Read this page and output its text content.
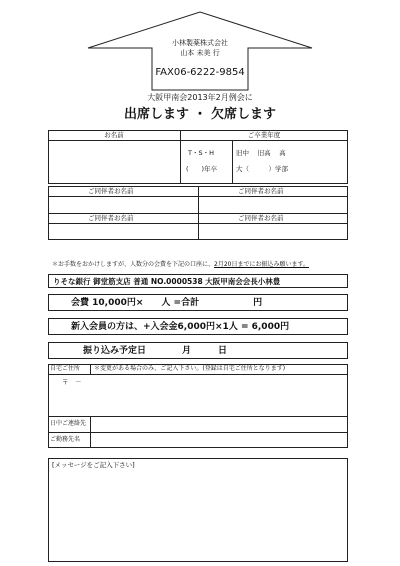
小林製薬株式会社
山本 未美 行
FAX06-6222-9854
大阪甲南会2013年2月例会に
出席します ・ 欠席します
お名前	ご卒業年度
T・S・H
(　　)年卒
旧中　 旧高　 高
大（　　　）学部
ご同伴者お名前	ご同伴者お名前
ご同伴者お名前	ご同伴者お名前
＊お手数をおかけしますが、人数分の会費を下記の口座に、2月20日までにお振込み願います。
りそな銀行 御堂筋支店 普通 NO.0000538 大阪甲南会会長小林豊
会費 10,000円×　　人 =合計　　　　　　円
新入会員の方は、+入会金6,000円×1人 = 6,000円
振り込み予定日　　　　月　　　日
自宅ご住所 ＊変更がある場合のみ、ご記入下さい。(登録は自宅ご住所となります)
〒　－
日中ご連絡先
ご勤務先名
[メッセージをご記入下さい]
